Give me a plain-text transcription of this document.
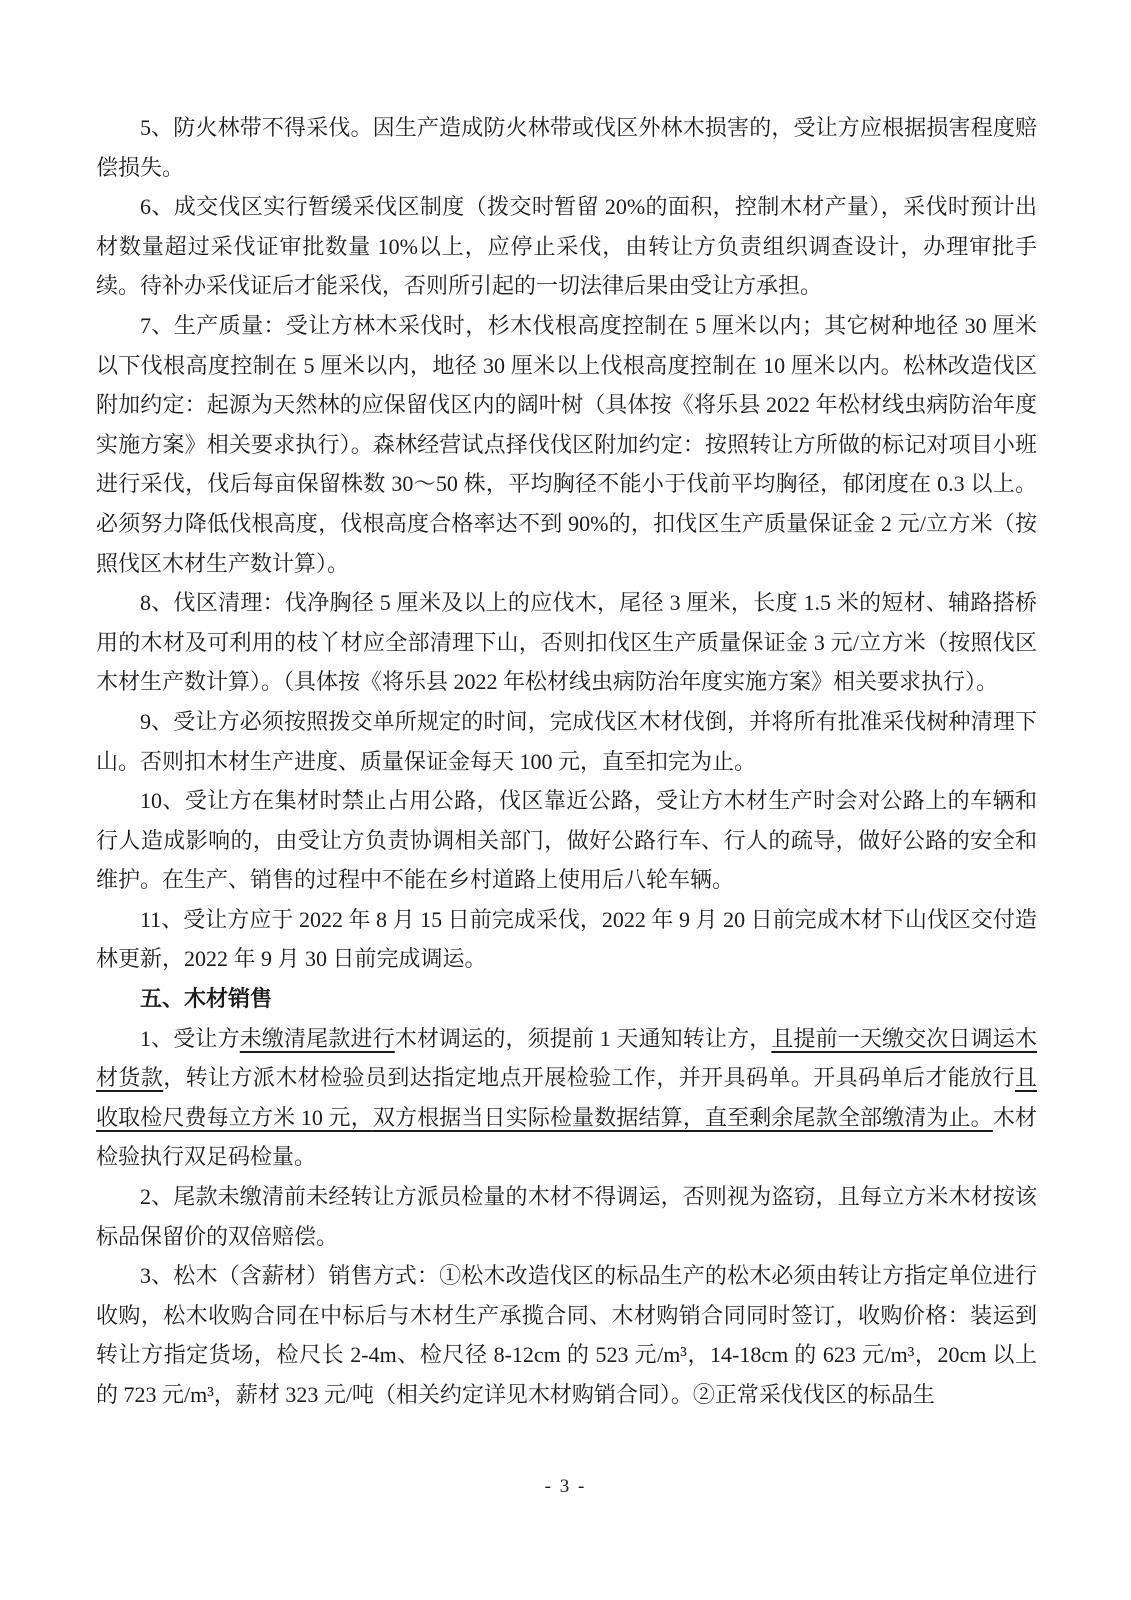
5、防火林带不得采伐。因生产造成防火林带或伐区外林木损害的，受让方应根据损害程度赔偿损失。

6、成交伐区实行暂缓采伐区制度（拨交时暂留 20%的面积，控制木材产量），采伐时预计出材数量超过采伐证审批数量 10%以上，应停止采伐，由转让方负责组织调查设计，办理审批手续。待补办采伐证后才能采伐，否则所引起的一切法律后果由受让方承担。

7、生产质量：受让方林木采伐时，杉木伐根高度控制在 5 厘米以内；其它树种地径 30 厘米以下伐根高度控制在 5 厘米以内，地径 30 厘米以上伐根高度控制在 10 厘米以内。松林改造伐区附加约定：起源为天然林的应保留伐区内的阔叶树（具体按《将乐县 2022 年松材线虫病防治年度实施方案》相关要求执行）。森林经营试点择伐伐区附加约定：按照转让方所做的标记对项目小班进行采伐，伐后每亩保留株数 30～50 株，平均胸径不能小于伐前平均胸径，郁闭度在 0.3 以上。必须努力降低伐根高度，伐根高度合格率达不到 90%的，扣伐区生产质量保证金 2 元/立方米（按照伐区木材生产数计算）。

8、伐区清理：伐净胸径 5 厘米及以上的应伐木，尾径 3 厘米，长度 1.5 米的短材、辅路搭桥用的木材及可利用的枝丫材应全部清理下山，否则扣伐区生产质量保证金 3 元/立方米（按照伐区木材生产数计算）。（具体按《将乐县 2022 年松材线虫病防治年度实施方案》相关要求执行）。

9、受让方必须按照拨交单所规定的时间，完成伐区木材伐倒，并将所有批准采伐树种清理下山。否则扣木材生产进度、质量保证金每天 100 元，直至扣完为止。

10、受让方在集材时禁止占用公路，伐区靠近公路，受让方木材生产时会对公路上的车辆和行人造成影响的，由受让方负责协调相关部门，做好公路行车、行人的疏导，做好公路的安全和维护。在生产、销售的过程中不能在乡村道路上使用后八轮车辆。

11、受让方应于 2022 年 8 月 15 日前完成采伐，2022 年 9 月 20 日前完成木材下山伐区交付造林更新，2022 年 9 月 30 日前完成调运。

五、木材销售

1、受让方未缴清尾款进行木材调运的，须提前 1 天通知转让方，且提前一天缴交次日调运木材货款，转让方派木材检验员到达指定地点开展检验工作，并开具码单。开具码单后才能放行且收取检尺费每立方米 10 元，双方根据当日实际检量数据结算，直至剩余尾款全部缴清为止。木材检验执行双足码检量。

2、尾款未缴清前未经转让方派员检量的木材不得调运，否则视为盗窃，且每立方米木材按该标品保留价的双倍赔偿。

3、松木（含薪材）销售方式：①松木改造伐区的标品生产的松木必须由转让方指定单位进行收购，松木收购合同在中标后与木材生产承揽合同、木材购销合同同时签订，收购价格：装运到转让方指定货场，检尺长 2-4m、检尺径 8-12cm 的 523 元/m³，14-18cm 的 623 元/m³，20cm 以上的 723 元/m³，薪材 323 元/吨（相关约定详见木材购销合同）。②正常采伐伐区的标品生

- 3 -
